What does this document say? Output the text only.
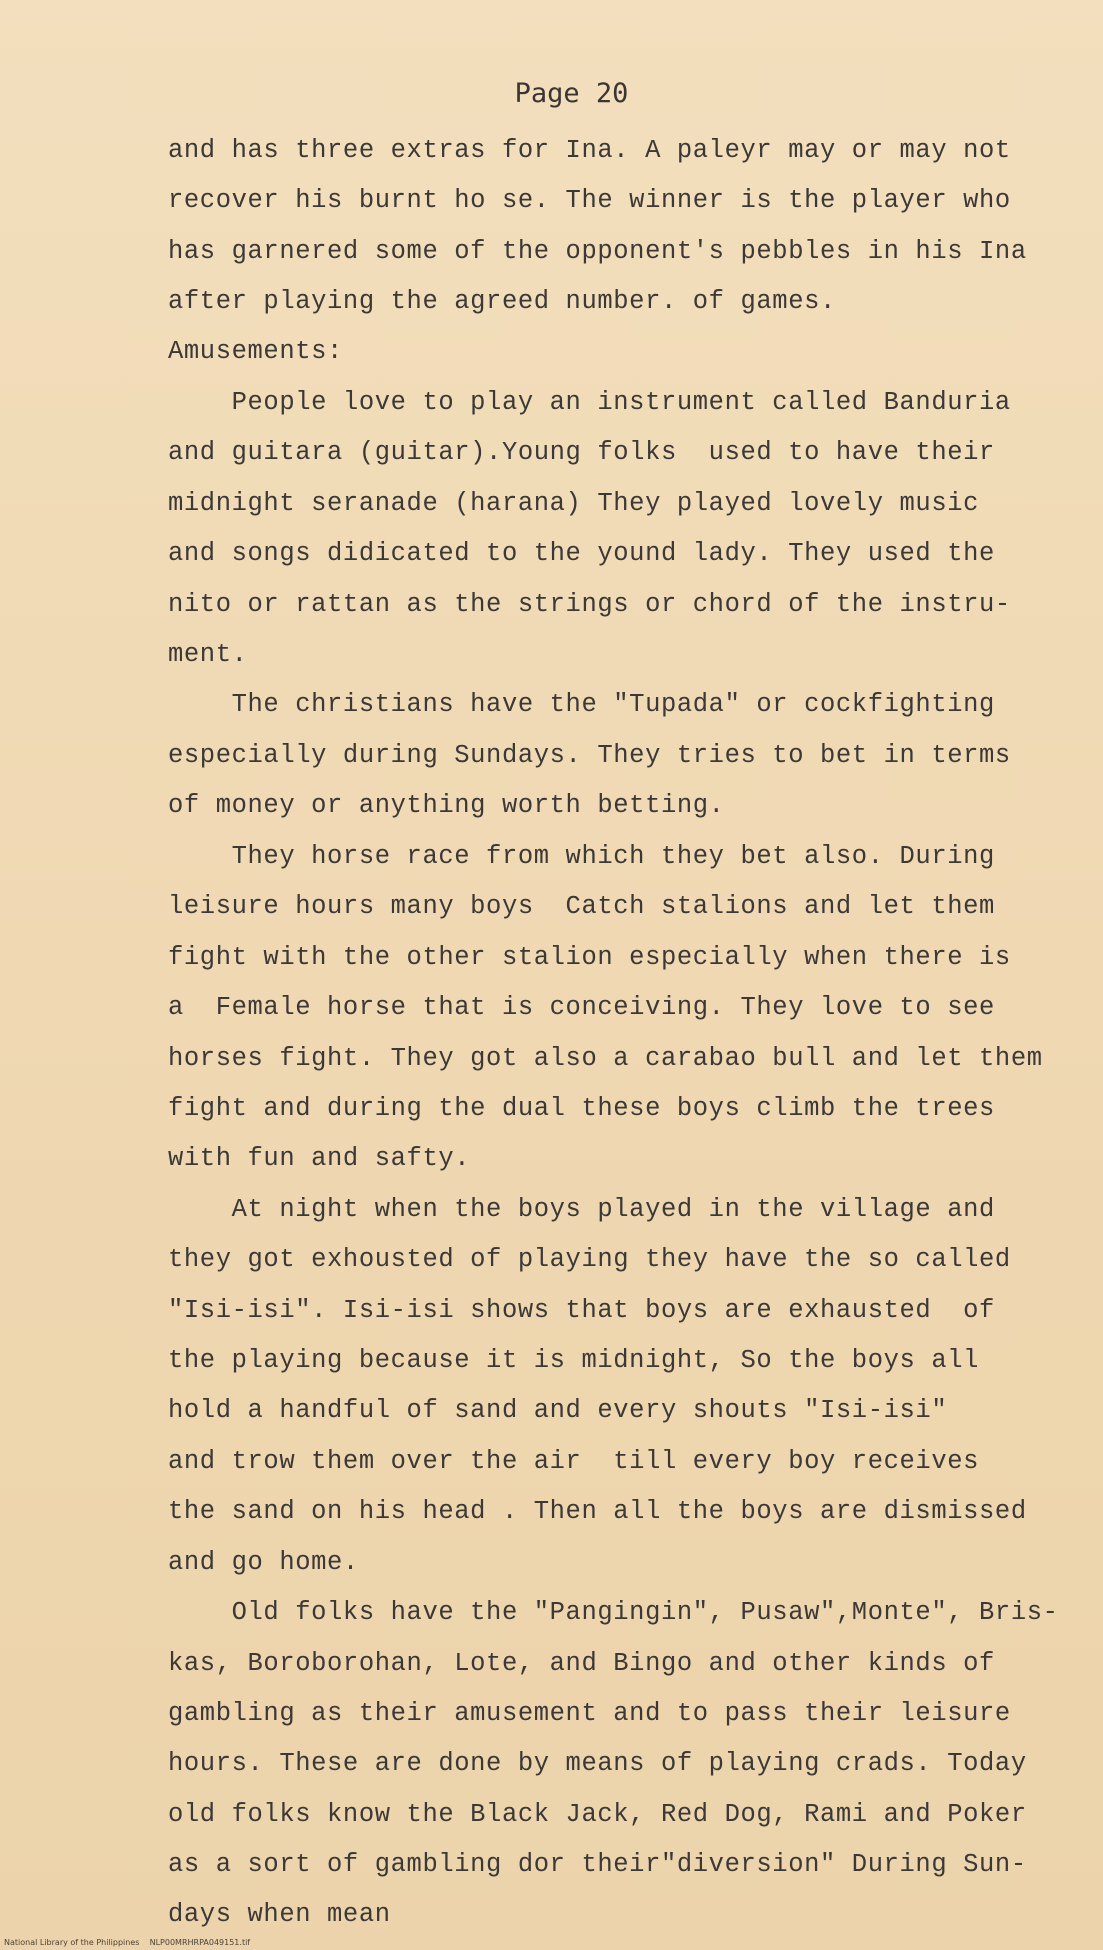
Page 20
and has three extras for Ina. A paleyr may or may not
recover his burnt ho se. The winner is the player who
has garnered some of the opponent's pebbles in his Ina
after playing the agreed number. of games.
Amusements:
People love to play an instrument called Banduria
and guitara (guitar).Young folks  used to have their
midnight seranade (harana) They played lovely music
and songs didicated to the yound lady. They used the
nito or rattan as the strings or chord of the instru-
ment.
The christians have the "Tupada" or cockfighting
especially during Sundays. They tries to bet in terms
of money or anything worth betting.
They horse race from which they bet also. During
leisure hours many boys  Catch stalions and let them
fight with the other stalion especially when there is
a  Female horse that is conceiving. They love to see
horses fight. They got also a carabao bull and let them
fight and during the dual these boys climb the trees
with fun and safty.
At night when the boys played in the village and
they got exhousted of playing they have the so called
"Isi-isi". Isi-isi shows that boys are exhausted  of
the playing because it is midnight, So the boys all
hold a handful of sand and every shouts "Isi-isi"
and trow them over the air  till every boy receives
the sand on his head . Then all the boys are dismissed
and go home.
Old folks have the "Pangingin", Pusaw",Monte", Bris-
kas, Boroborohan, Lote, and Bingo and other kinds of
gambling as their amusement and to pass their leisure
hours. These are done by means of playing crads. Today
old folks know the Black Jack, Red Dog, Rami and Poker
as a sort of gambling dor their"diversion" During Sun-
days when mean
National Library of the Philippines    NLP00MRHRPA049151.tif
